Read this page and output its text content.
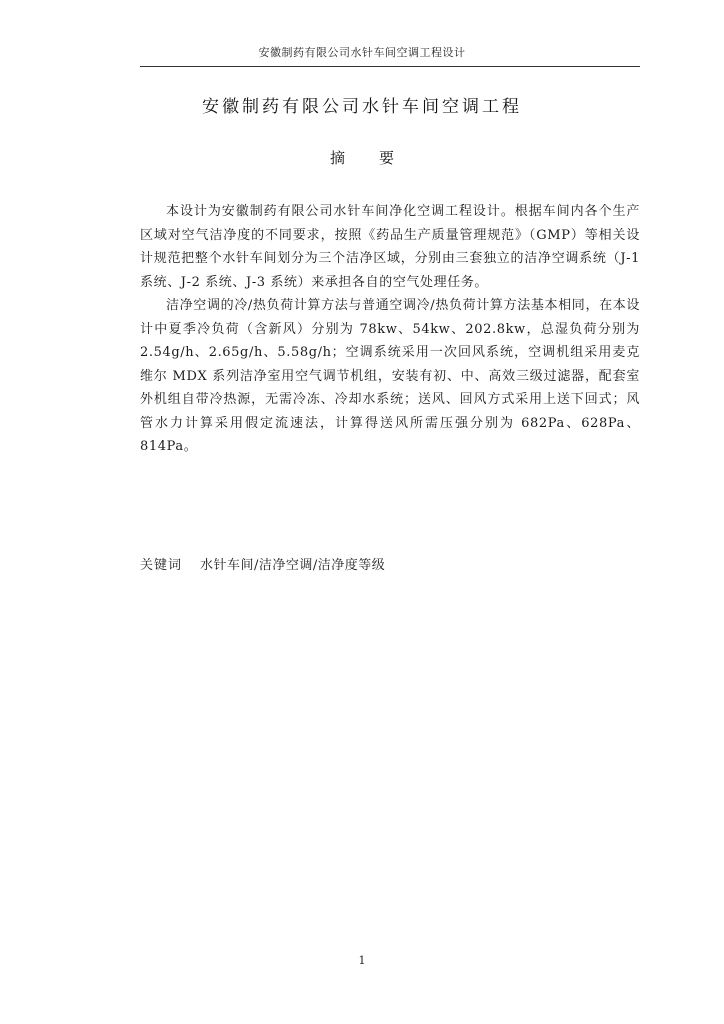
安徽制药有限公司水针车间空调工程设计
安徽制药有限公司水针车间空调工程
摘 要

本设计为安徽制药有限公司水针车间净化空调工程设计。根据车间内各个生产区域对空气洁净度的不同要求，按照《药品生产质量管理规范》（GMP）等相关设计规范把整个水针车间划分为三个洁净区域，分别由三套独立的洁净空调系统（J-1 系统、J-2 系统、J-3 系统）来承担各自的空气处理任务。

洁净空调的冷/热负荷计算方法与普通空调冷/热负荷计算方法基本相同，在本设计中夏季冷负荷（含新风）分别为 78kw、54kw、202.8kw，总湿负荷分别为 2.54g/h、2.65g/h、5.58g/h；空调系统采用一次回风系统，空调机组采用麦克维尔 MDX 系列洁净室用空气调节机组，安装有初、中、高效三级过滤器，配套室外机组自带冷热源，无需冷冻、冷却水系统；送风、回风方式采用上送下回式；风管水力计算采用假定流速法，计算得送风所需压强分别为 682Pa、628Pa、814Pa。

关键词 水针车间/洁净空调/洁净度等级
1
